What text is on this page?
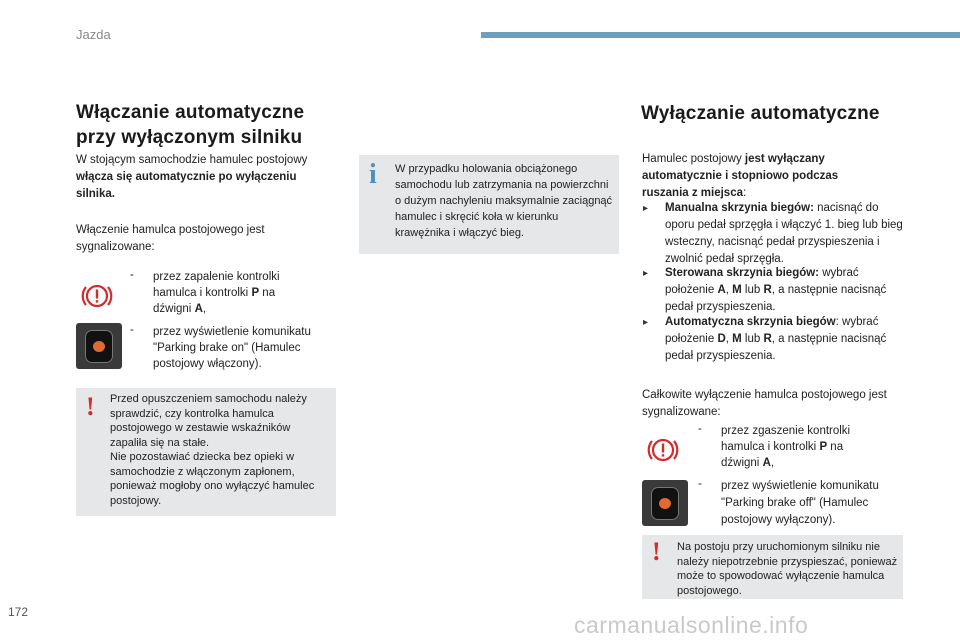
Jazda
Włączanie automatyczne
przy wyłączonym silniku
W stojącym samochodzie hamulec postojowy włącza się automatycznie po wyłączeniu silnika.
Włączenie hamulca postojowego jest sygnalizowane:
- przez zapalenie kontrolki hamulca i kontrolki P na dźwigni A,
- przez wyświetlenie komunikatu "Parking brake on" (Hamulec postojowy włączony).
! Przed opuszczeniem samochodu należy sprawdzić, czy kontrolka hamulca postojowego w zestawie wskaźników zapaliła się na stałe.
Nie pozostawiać dziecka bez opieki w samochodzie z włączonym zapłonem, ponieważ mogłoby ono wyłączyć hamulec postojowy.
i W przypadku holowania obciążonego samochodu lub zatrzymania na powierzchni o dużym nachyleniu maksymalnie zaciągnąć hamulec i skręcić koła w kierunku krawężnika i włączyć bieg.
Wyłączanie automatyczne
Hamulec postojowy jest wyłączany automatycznie i stopniowo podczas ruszania z miejsca:
▸ Manualna skrzynia biegów: nacisnąć do oporu pedał sprzęgła i włączyć 1. bieg lub bieg wsteczny, nacisnąć pedał przyspieszenia i zwolnić pedał sprzęgła.
▸ Sterowana skrzynia biegów: wybrać położenie A, M lub R, a następnie nacisnąć pedał przyspieszenia.
▸ Automatyczna skrzynia biegów: wybrać położenie D, M lub R, a następnie nacisnąć pedał przyspieszenia.
Całkowite wyłączenie hamulca postojowego jest sygnalizowane:
- przez zgaszenie kontrolki hamulca i kontrolki P na dźwigni A,
- przez wyświetlenie komunikatu "Parking brake off" (Hamulec postojowy wyłączony).
! Na postoju przy uruchomionym silniku nie należy niepotrzebnie przyspieszać, ponieważ może to spowodować wyłączenie hamulca postojowego.
172	carmanualsonline.info
